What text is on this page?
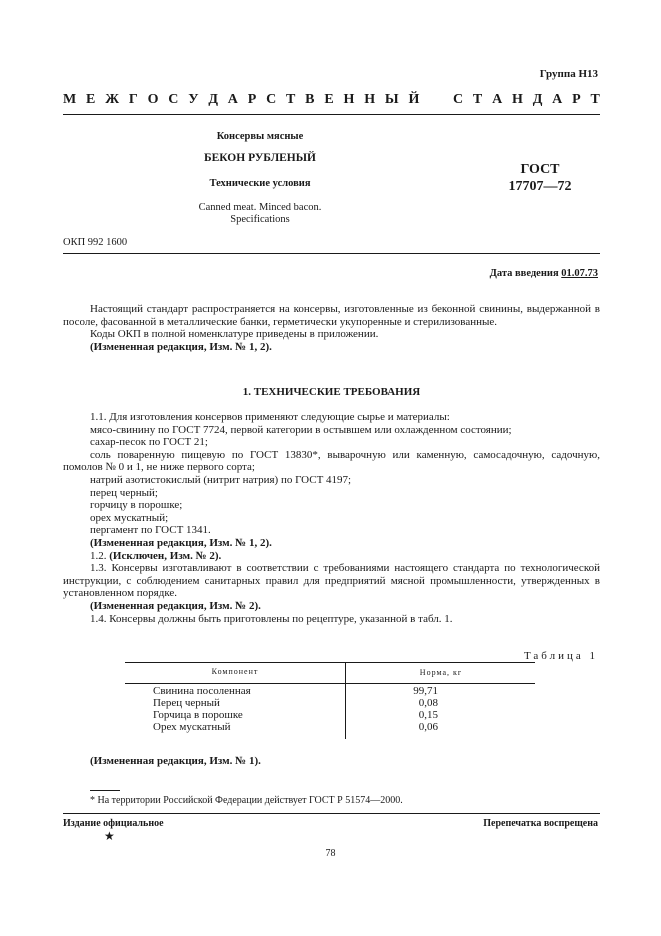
Группа Н13
М Е Ж Г О С У Д А Р С Т В Е Н Н Ы Й С Т А Н Д А Р Т
Консервы мясные
БЕКОН РУБЛЕНЫЙ
Технические условия
Canned meat. Minced bacon.
Specifications
ГОСТ
17707—72
ОКП 992 1600
Дата введения 01.07.73

Настоящий стандарт распространяется на консервы, изготовленные из беконной свинины, выдержанной в посоле, фасованной в металлические банки, герметически укупоренные и стерилизованные.

Коды ОКП в полной номенклатуре приведены в приложении.

(Измененная редакция, Изм. № 1, 2).

1. ТЕХНИЧЕСКИЕ ТРЕБОВАНИЯ

1.1. Для изготовления консервов применяют следующие сырье и материалы:

мясо-свинину по ГОСТ 7724, первой категории в остывшем или охлажденном состоянии;

сахар-песок по ГОСТ 21;

соль поваренную пищевую по ГОСТ 13830*, выварочную или каменную, самосадочную, садочную, помолов № 0 и 1, не ниже первого сорта;

натрий азотистокислый (нитрит натрия) по ГОСТ 4197;

перец черный;

горчицу в порошке;

орех мускатный;

пергамент по ГОСТ 1341.

(Измененная редакция, Изм. № 1, 2).

1.2. (Исключен, Изм. № 2).

1.3. Консервы изготавливают в соответствии с требованиями настоящего стандарта по технологической инструкции, с соблюдением санитарных правил для предприятий мясной промышленности, утвержденных в установленном порядке.

(Измененная редакция, Изм. № 2).

1.4. Консервы должны быть приготовлены по рецептуре, указанной в табл. 1.

Таблица 1
Компонент	Норма, кг
Свинина посоленная	99,71
Перец черный	0,08
Горчица в порошке	0,15
Орех мускатный	0,06
(Измененная редакция, Изм. № 1).
* На территории Российской Федерации действует ГОСТ Р 51574—2000.
Издание официальное
★
Перепечатка воспрещена
78
